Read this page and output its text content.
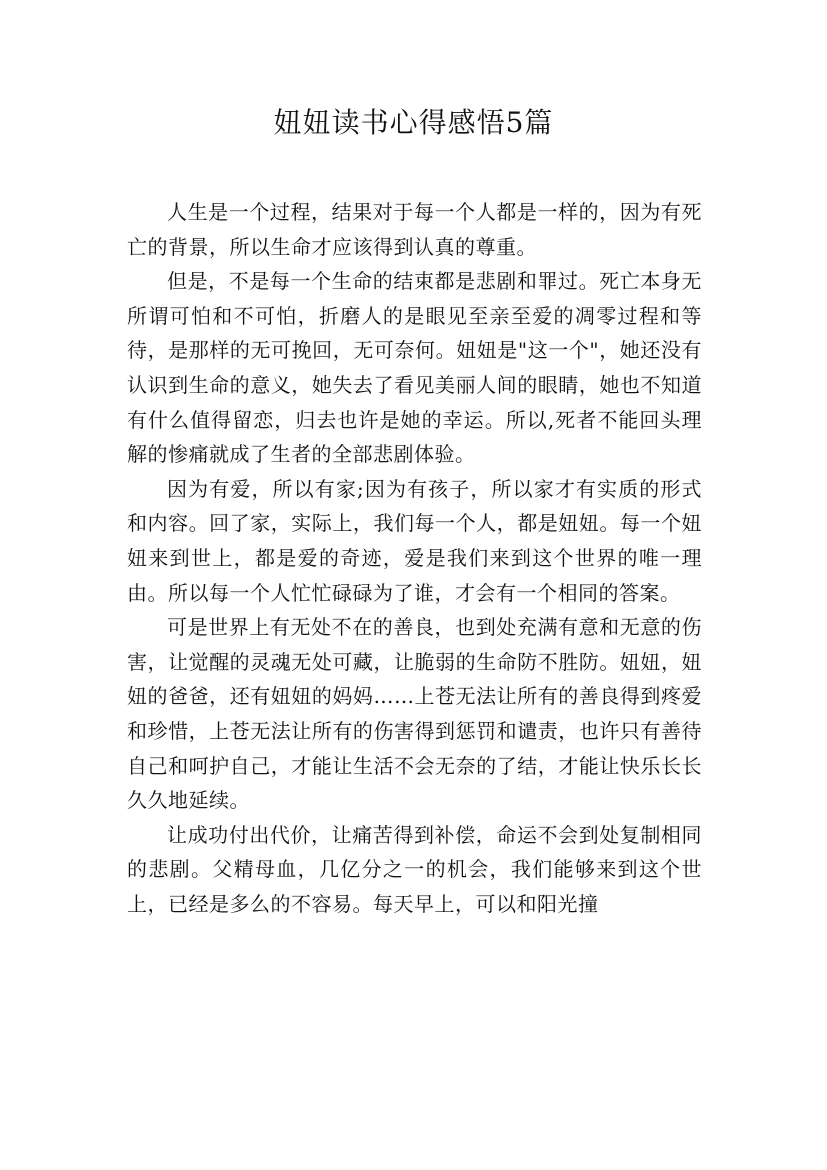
妞妞读书心得感悟5篇

人生是一个过程，结果对于每一个人都是一样的，因为有死亡的背景，所以生命才应该得到认真的尊重。

但是，不是每一个生命的结束都是悲剧和罪过。死亡本身无所谓可怕和不可怕，折磨人的是眼见至亲至爱的凋零过程和等待，是那样的无可挽回，无可奈何。妞妞是"这一个"，她还没有认识到生命的意义，她失去了看见美丽人间的眼睛，她也不知道有什么值得留恋，归去也许是她的幸运。所以,死者不能回头理解的惨痛就成了生者的全部悲剧体验。

因为有爱，所以有家;因为有孩子，所以家才有实质的形式和内容。回了家，实际上，我们每一个人，都是妞妞。每一个妞妞来到世上，都是爱的奇迹，爱是我们来到这个世界的唯一理由。所以每一个人忙忙碌碌为了谁，才会有一个相同的答案。

可是世界上有无处不在的善良，也到处充满有意和无意的伤害，让觉醒的灵魂无处可藏，让脆弱的生命防不胜防。妞妞，妞妞的爸爸，还有妞妞的妈妈……上苍无法让所有的善良得到疼爱和珍惜，上苍无法让所有的伤害得到惩罚和谴责，也许只有善待自己和呵护自己，才能让生活不会无奈的了结，才能让快乐长长久久地延续。

让成功付出代价，让痛苦得到补偿，命运不会到处复制相同的悲剧。父精母血，几亿分之一的机会，我们能够来到这个世上，已经是多么的不容易。每天早上，可以和阳光撞
